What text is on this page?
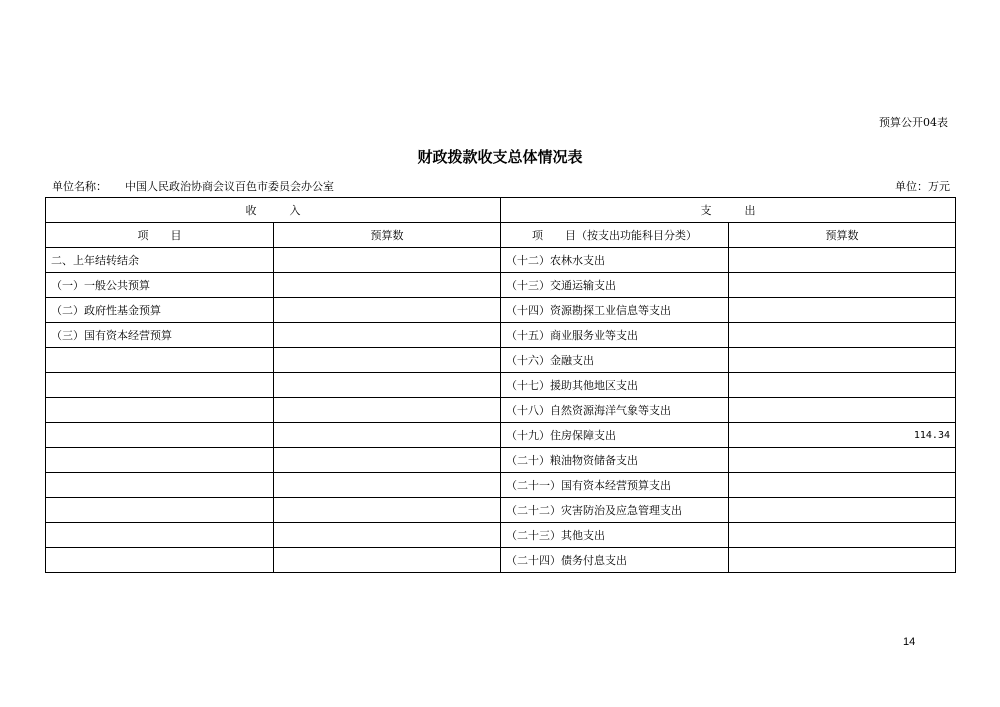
预算公开04表
财政拨款收支总体情况表
单位名称： 中国人民政治协商会议百色市委员会办公室	单位：万元
收　　　入		支　　　出	
项　　目	预算数	项　　目（按支出功能科目分类）	预算数
二、上年结转结余		（十二）农林水支出	
（一）一般公共预算		（十三）交通运输支出	
（二）政府性基金预算		（十四）资源勘探工业信息等支出	
（三）国有资本经营预算		（十五）商业服务业等支出	
		（十六）金融支出	
		（十七）援助其他地区支出	
		（十八）自然资源海洋气象等支出	
		（十九）住房保障支出	114.34
		（二十）粮油物资储备支出	
		（二十一）国有资本经营预算支出	
		（二十二）灾害防治及应急管理支出	
		（二十三）其他支出	
		（二十四）债务付息支出	
14
